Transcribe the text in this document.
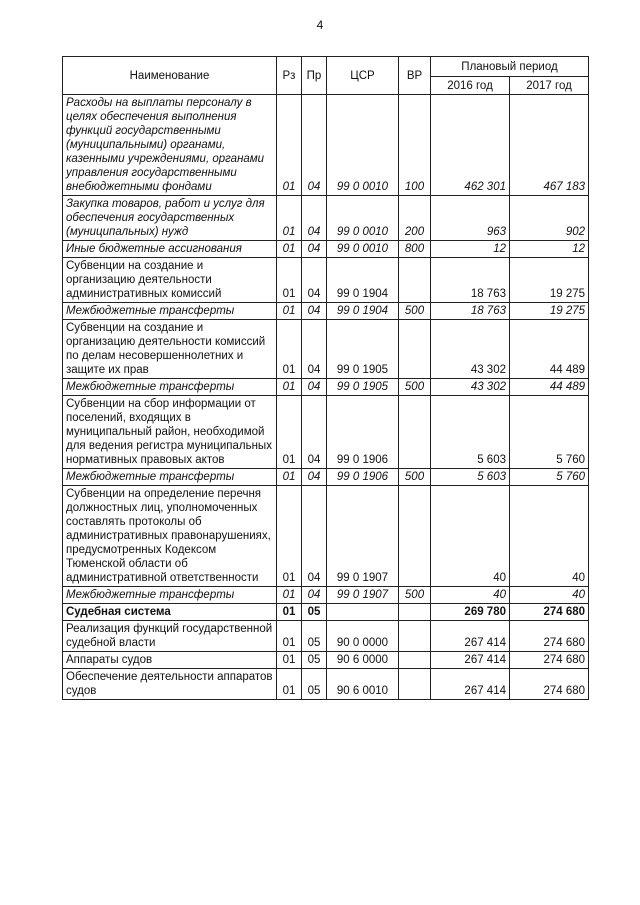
4
Наименование	Рз	Пр	ЦСР	ВР	Плановый период	
					2016 год	2017 год
Расходы на выплаты персоналу в целях обеспечения выполнения функций государственными (муниципальными) органами, казенными учреждениями, органами управления государственными внебюджетными фондами	01	04	99 0 0010	100	462 301	467 183
Закупка товаров, работ и услуг для обеспечения государственных (муниципальных) нужд	01	04	99 0 0010	200	963	902
Иные бюджетные ассигнования	01	04	99 0 0010	800	12	12
Субвенции на создание и организацию деятельности административных комиссий	01	04	99 0 1904		18 763	19 275
Межбюджетные трансферты	01	04	99 0 1904	500	18 763	19 275
Субвенции на создание и организацию деятельности комиссий по делам несовершеннолетних и защите их прав	01	04	99 0 1905		43 302	44 489
Межбюджетные трансферты	01	04	99 0 1905	500	43 302	44 489
Субвенции на сбор информации от поселений, входящих в муниципальный район, необходимой для ведения регистра муниципальных нормативных правовых актов	01	04	99 0 1906		5 603	5 760
Межбюджетные трансферты	01	04	99 0 1906	500	5 603	5 760
Субвенции на определение перечня должностных лиц, уполномоченных составлять протоколы об административных правонарушениях, предусмотренных Кодексом Тюменской области об административной ответственности	01	04	99 0 1907		40	40
Межбюджетные трансферты	01	04	99 0 1907	500	40	40
Судебная система	01	05			269 780	274 680
Реализация функций государственной судебной власти	01	05	90 0 0000		267 414	274 680
Аппараты судов	01	05	90 6 0000		267 414	274 680
Обеспечение деятельности аппаратов судов	01	05	90 6 0010		267 414	274 680
